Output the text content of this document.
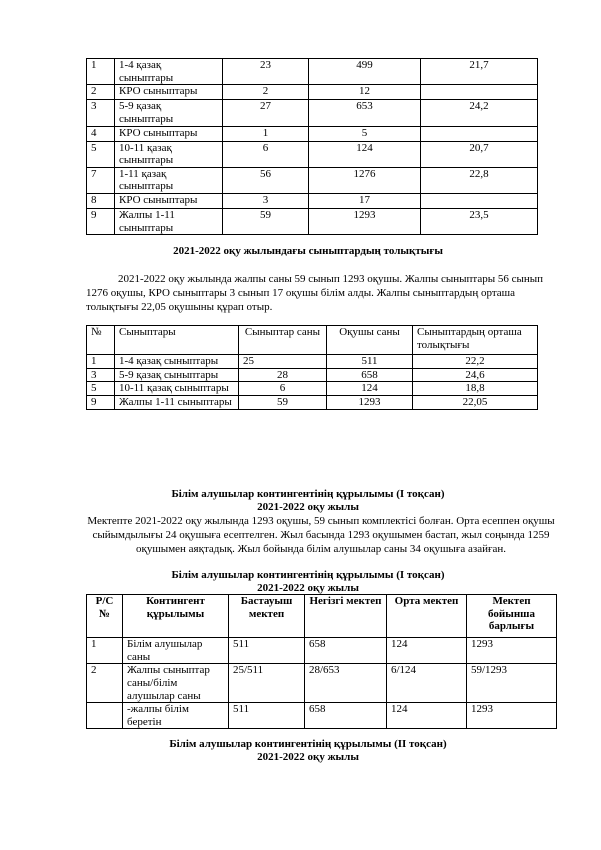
1	1-4 қазақ сыныптары	23	499	21,7
2	КРО сыныптары	2	12	
3	5-9 қазақ сыныптары	27	653	24,2
4	КРО сыныптары	1	5	
5	10-11 қазақ сыныптары	6	124	20,7
7	1-11 қазақ сыныптары	56	1276	22,8
8	КРО сыныптары	3	17	
9	Жалпы 1-11 сыныптары	59	1293	23,5
2021-2022 оқу жылындағы сыныптардың толықтығы
2021-2022 оқу жылында жалпы саны 59 сынып 1293 оқушы. Жалпы сыныптары 56 сынып 1276 оқушы, КРО сыныптары 3 сынып 17 оқушы білім алды. Жалпы сыныптардың орташа толықтығы 22,05 оқушыны құрап отыр.
№	Сыныптары	Сыныптар саны	Оқушы саны	Сыныптардың орташа толықтығы
1	1-4 қазақ сыныптары	25	511	22,2
3	5-9 қазақ сыныптары	28	658	24,6
5	10-11 қазақ сыныптары	6	124	18,8
9	Жалпы 1-11 сыныптары	59	1293	22,05
Білім алушылар контингентінің құрылымы (І тоқсан)
2021-2022 оқу жылы
Мектепте 2021-2022 оқу жылында 1293 оқушы, 59 сынып комплектісі болған. Орта есеппен оқушы сыйымдылығы 24 оқушыға есептелген. Жыл басында 1293 оқушымен бастап, жыл соңында 1259 оқушымен аяқтадық. Жыл бойында білім алушылар саны 34 оқушыға азайған.
Білім алушылар контингентінің құрылымы (І тоқсан)
2021-2022 оқу жылы
Р/С №	Контингент құрылымы	Бастауыш мектеп	Негізгі мектеп	Орта мектеп	Мектеп бойынша барлығы
1	Білім алушылар саны	511	658	124	1293
2	Жалпы сыныптар саны/білім алушылар саны	25/511	28/653	6/124	59/1293
	-жалпы білім беретін	511	658	124	1293
Білім алушылар контингентінің құрылымы (ІІ тоқсан)
2021-2022 оқу жылы
